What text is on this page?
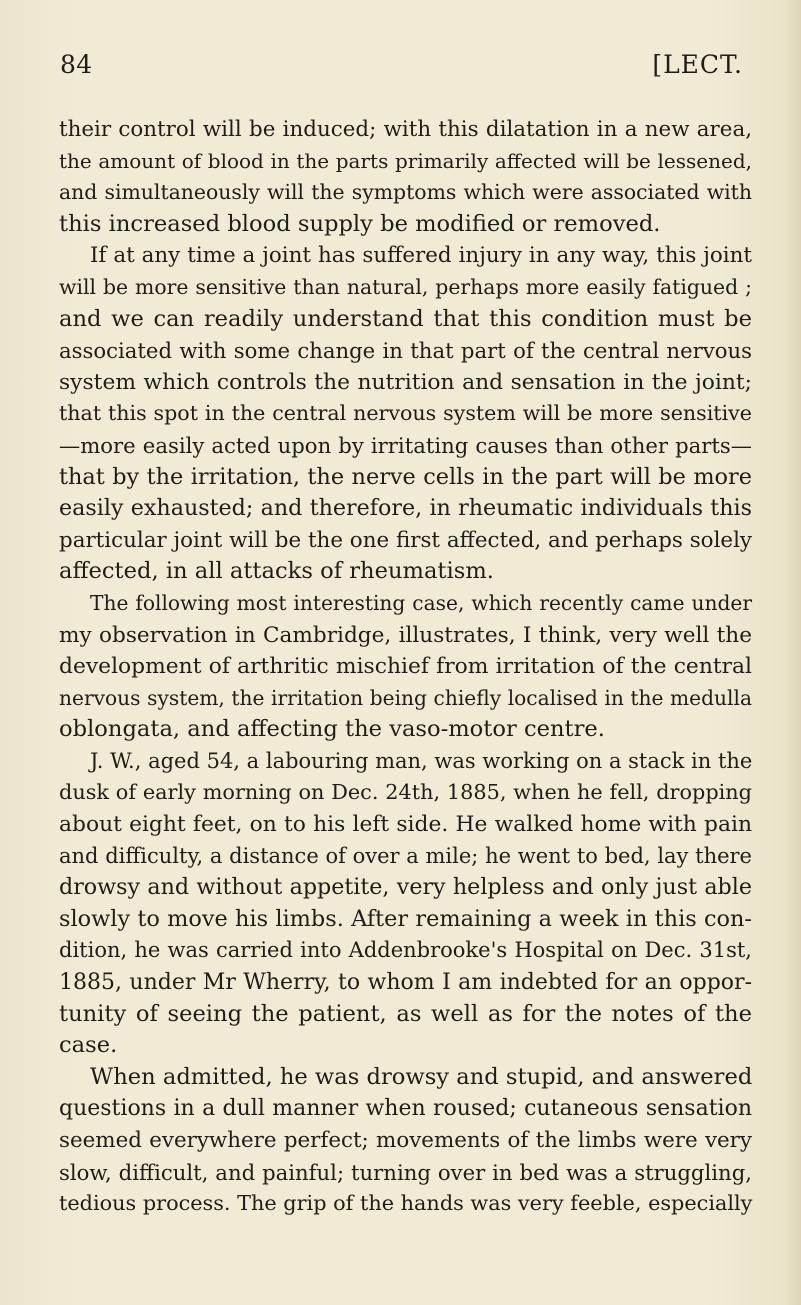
84	[LECT.
their control will be induced; with this dilatation in a new area,
the amount of blood in the parts primarily affected will be lessened,
and simultaneously will the symptoms which were associated with
this increased blood supply be modified or removed.
If at any time a joint has suffered injury in any way, this joint
will be more sensitive than natural, perhaps more easily fatigued ;
and we can readily understand that this condition must be
associated with some change in that part of the central nervous
system which controls the nutrition and sensation in the joint;
that this spot in the central nervous system will be more sensitive
—more easily acted upon by irritating causes than other parts—
that by the irritation, the nerve cells in the part will be more
easily exhausted; and therefore, in rheumatic individuals this
particular joint will be the one first affected, and perhaps solely
affected, in all attacks of rheumatism.
The following most interesting case, which recently came under
my observation in Cambridge, illustrates, I think, very well the
development of arthritic mischief from irritation of the central
nervous system, the irritation being chiefly localised in the medulla
oblongata, and affecting the vaso-motor centre.
J. W., aged 54, a labouring man, was working on a stack in the
dusk of early morning on Dec. 24th, 1885, when he fell, dropping
about eight feet, on to his left side. He walked home with pain
and difficulty, a distance of over a mile; he went to bed, lay there
drowsy and without appetite, very helpless and only just able
slowly to move his limbs. After remaining a week in this con-
dition, he was carried into Addenbrooke's Hospital on Dec. 31st,
1885, under Mr Wherry, to whom I am indebted for an oppor-
tunity of seeing the patient, as well as for the notes of the
case.
When admitted, he was drowsy and stupid, and answered
questions in a dull manner when roused; cutaneous sensation
seemed everywhere perfect; movements of the limbs were very
slow, difficult, and painful; turning over in bed was a struggling,
tedious process. The grip of the hands was very feeble, especially
